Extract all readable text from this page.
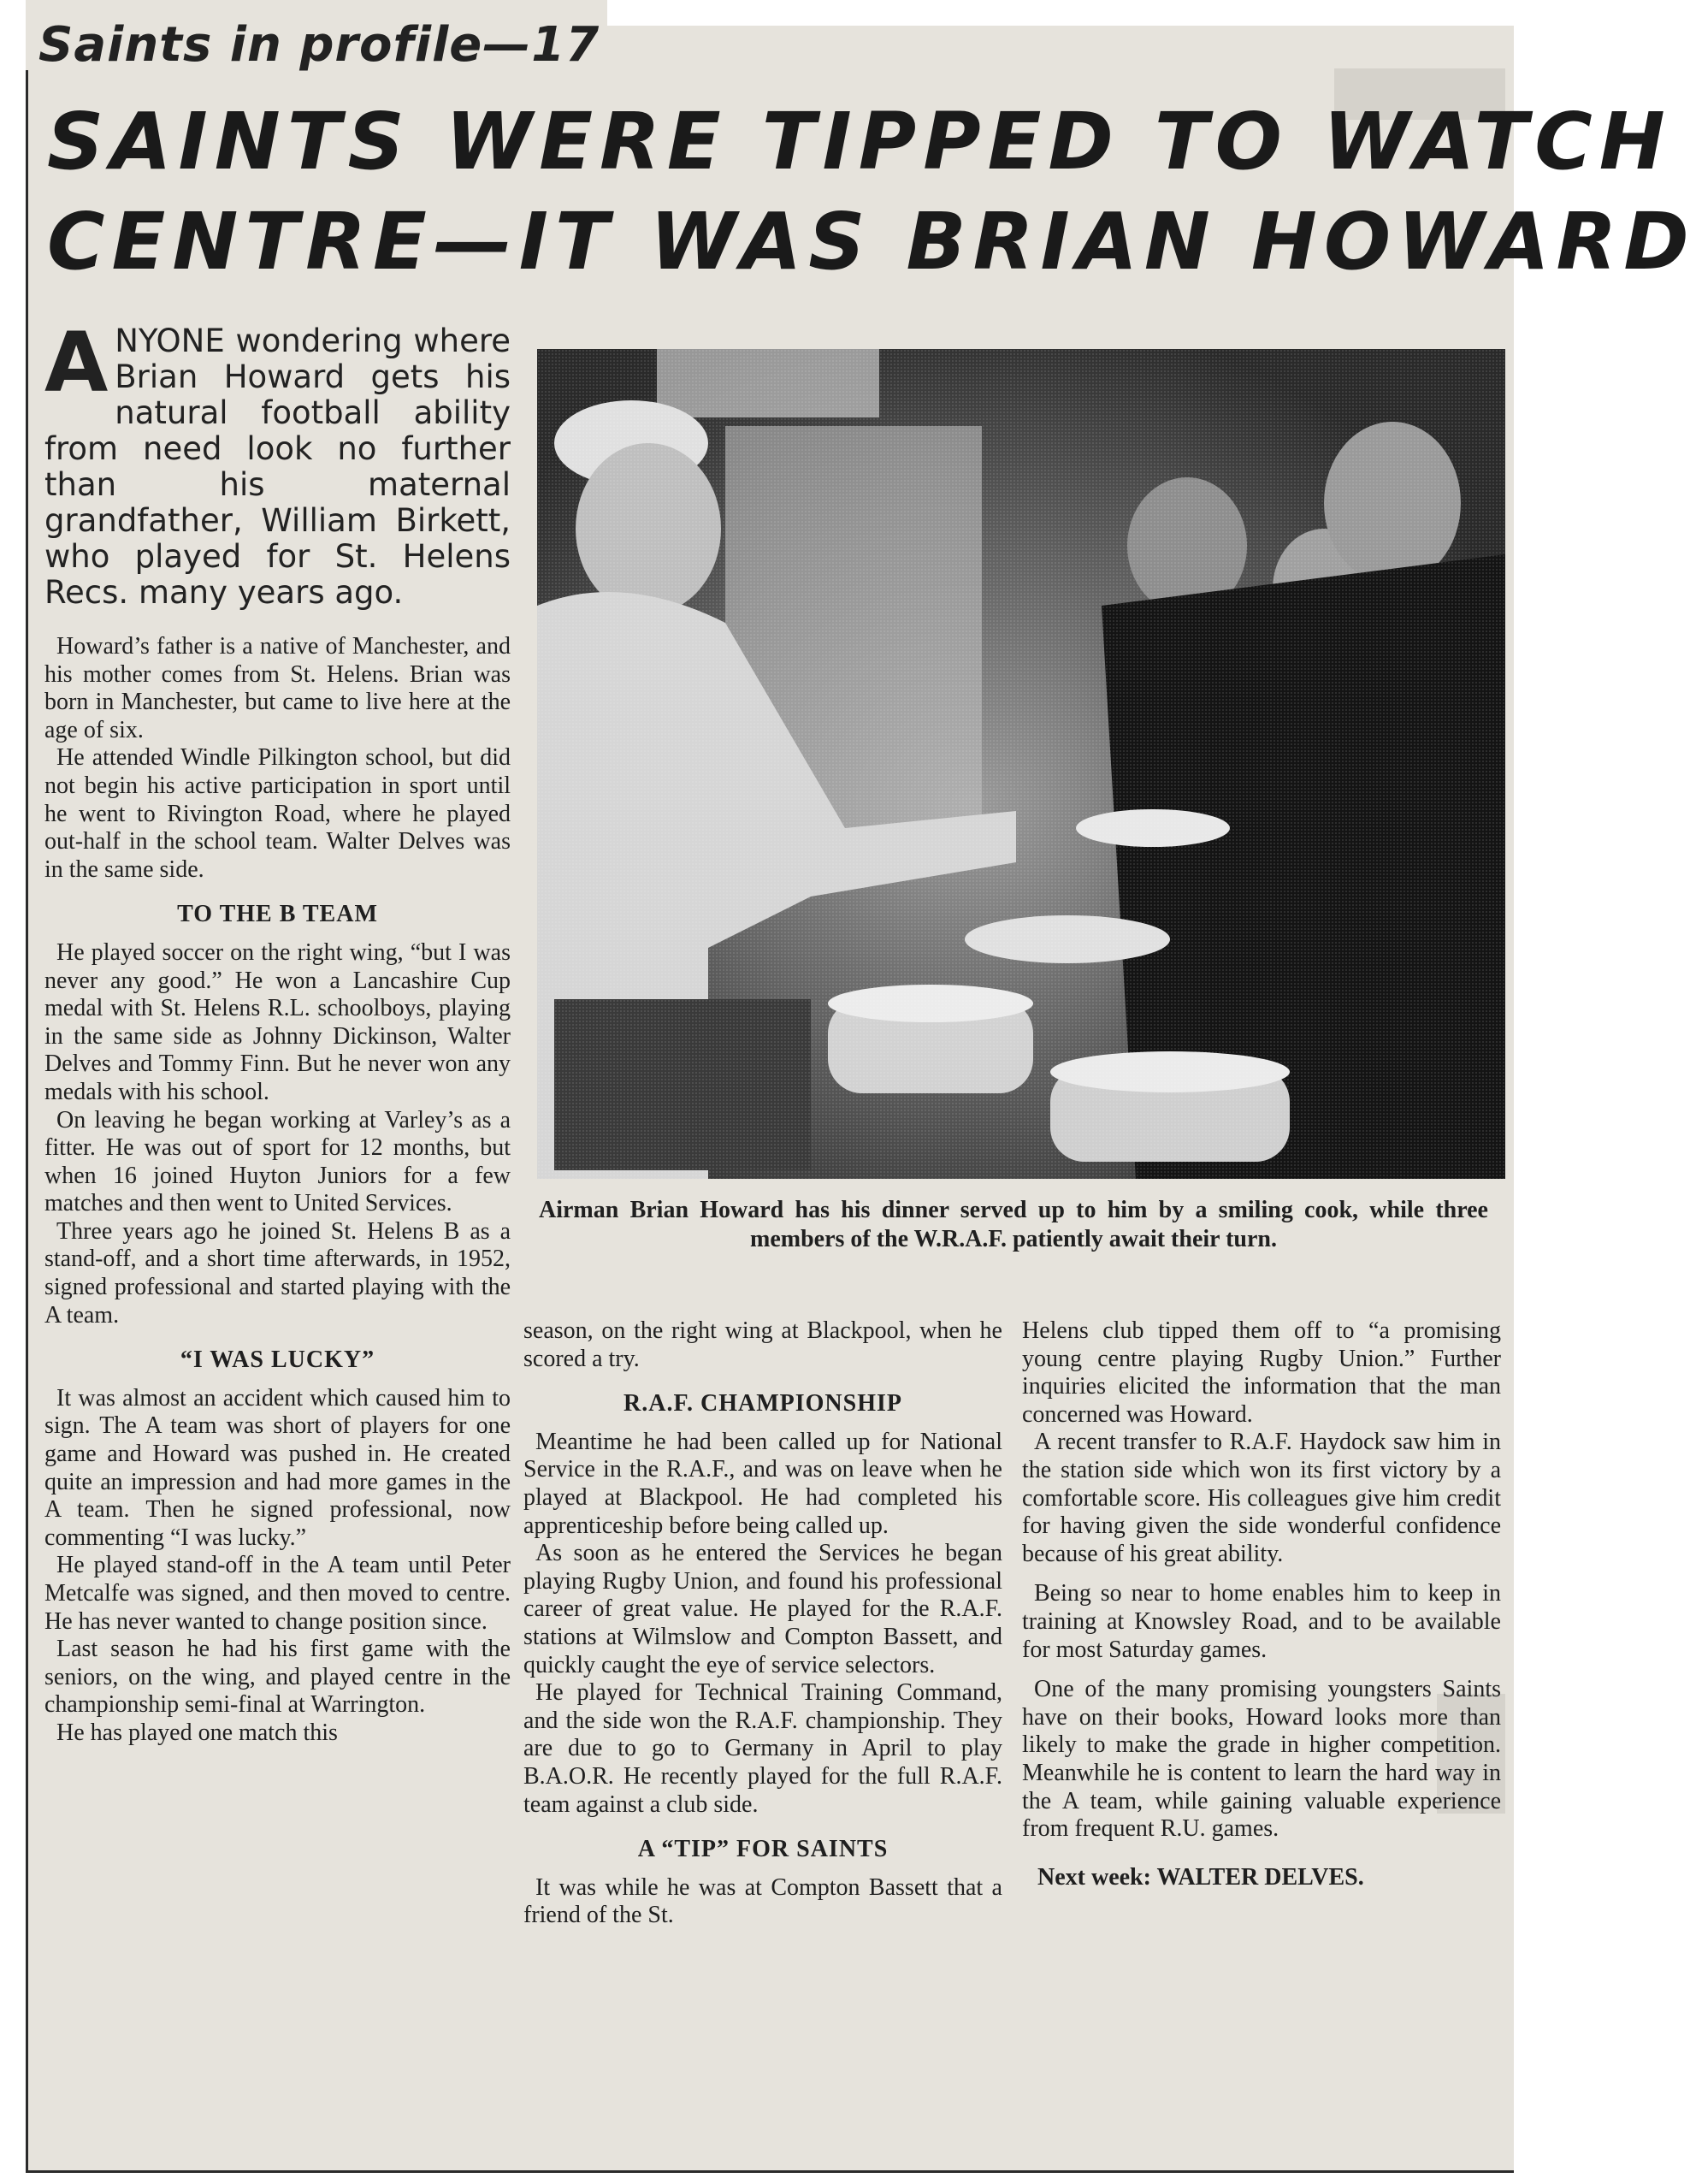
Saints in profile—17
SAINTS WERE TIPPED TO WATCH
CENTRE—IT WAS BRIAN HOWARD

ANYONE wondering where Brian Howard gets his natural football ability from need look no further than his maternal grandfather, William Birkett, who played for St. Helens Recs. many years ago.

Airman Brian Howard has his dinner served up to him by a smiling cook, while three members of the W.R.A.F. patiently await their turn.

Howard’s father is a native of Manchester, and his mother comes from St. Helens. Brian was born in Manchester, but came to live here at the age of six.

He attended Windle Pilkington school, but did not begin his active participation in sport until he went to Rivington Road, where he played out-half in the school team. Walter Delves was in the same side.

TO THE B TEAM

He played soccer on the right wing, “but I was never any good.” He won a Lancashire Cup medal with St. Helens R.L. schoolboys, playing in the same side as Johnny Dickinson, Walter Delves and Tommy Finn. But he never won any medals with his school.

On leaving he began working at Varley’s as a fitter. He was out of sport for 12 months, but when 16 joined Huyton Juniors for a few matches and then went to United Services.

Three years ago he joined St. Helens B as a stand-off, and a short time afterwards, in 1952, signed professional and started playing with the A team.

“I WAS LUCKY”

It was almost an accident which caused him to sign. The A team was short of players for one game and Howard was pushed in. He created quite an impression and had more games in the A team. Then he signed professional, now commenting “I was lucky.”

He played stand-off in the A team until Peter Metcalfe was signed, and then moved to centre. He has never wanted to change position since.

Last season he had his first game with the seniors, on the wing, and played centre in the championship semi-final at Warrington.

He has played one match this

season, on the right wing at Blackpool, when he scored a try.

R.A.F. CHAMPIONSHIP

Meantime he had been called up for National Service in the R.A.F., and was on leave when he played at Blackpool. He had completed his apprenticeship before being called up.

As soon as he entered the Services he began playing Rugby Union, and found his professional career of great value. He played for the R.A.F. stations at Wilmslow and Compton Bassett, and quickly caught the eye of service selectors.

He played for Technical Training Command, and the side won the R.A.F. championship. They are due to go to Germany in April to play B.A.O.R. He recently played for the full R.A.F. team against a club side.

A “TIP” FOR SAINTS

It was while he was at Compton Bassett that a friend of the St.

Helens club tipped them off to “a promising young centre playing Rugby Union.” Further inquiries elicited the information that the man concerned was Howard.

A recent transfer to R.A.F. Haydock saw him in the station side which won its first victory by a comfortable score. His colleagues give him credit for having given the side wonderful confidence because of his great ability.

Being so near to home enables him to keep in training at Knowsley Road, and to be available for most Saturday games.

One of the many promising youngsters Saints have on their books, Howard looks more than likely to make the grade in higher competition. Meanwhile he is content to learn the hard way in the A team, while gaining valuable experience from frequent R.U. games.

Next week: WALTER DELVES.
